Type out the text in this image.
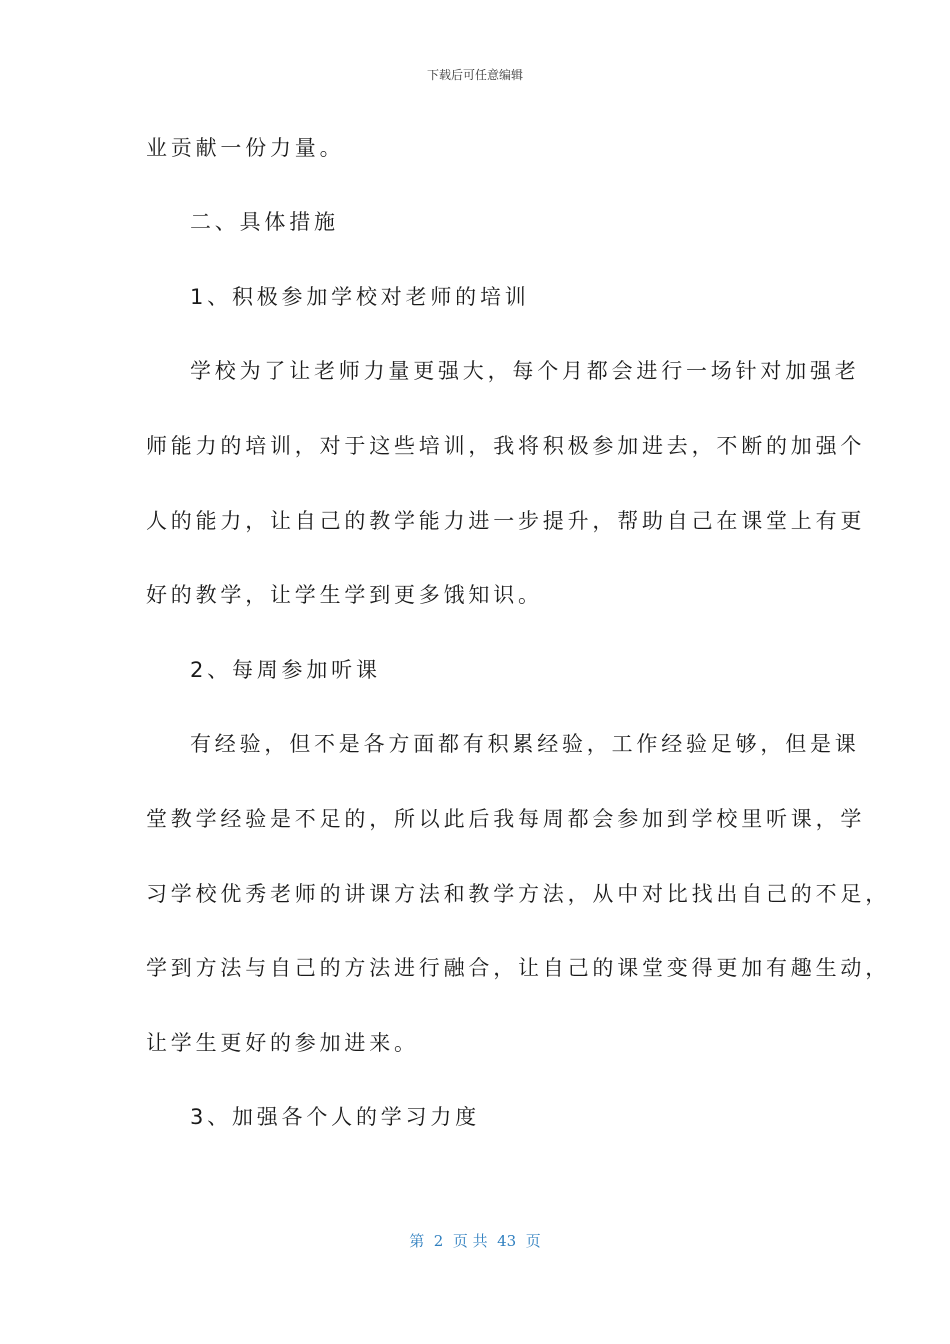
下载后可任意编辑
业贡献一份力量。
二、具体措施
1、积极参加学校对老师的培训
学校为了让老师力量更强大，每个月都会进行一场针对加强老
师能力的培训，对于这些培训，我将积极参加进去，不断的加强个
人的能力，让自己的教学能力进一步提升，帮助自己在课堂上有更
好的教学，让学生学到更多饿知识。
2、每周参加听课
有经验，但不是各方面都有积累经验，工作经验足够，但是课
堂教学经验是不足的，所以此后我每周都会参加到学校里听课，学
习学校优秀老师的讲课方法和教学方法，从中对比找出自己的不足，
学到方法与自己的方法进行融合，让自己的课堂变得更加有趣生动，
让学生更好的参加进来。
3、加强各个人的学习力度
第  2  页 共  43  页
